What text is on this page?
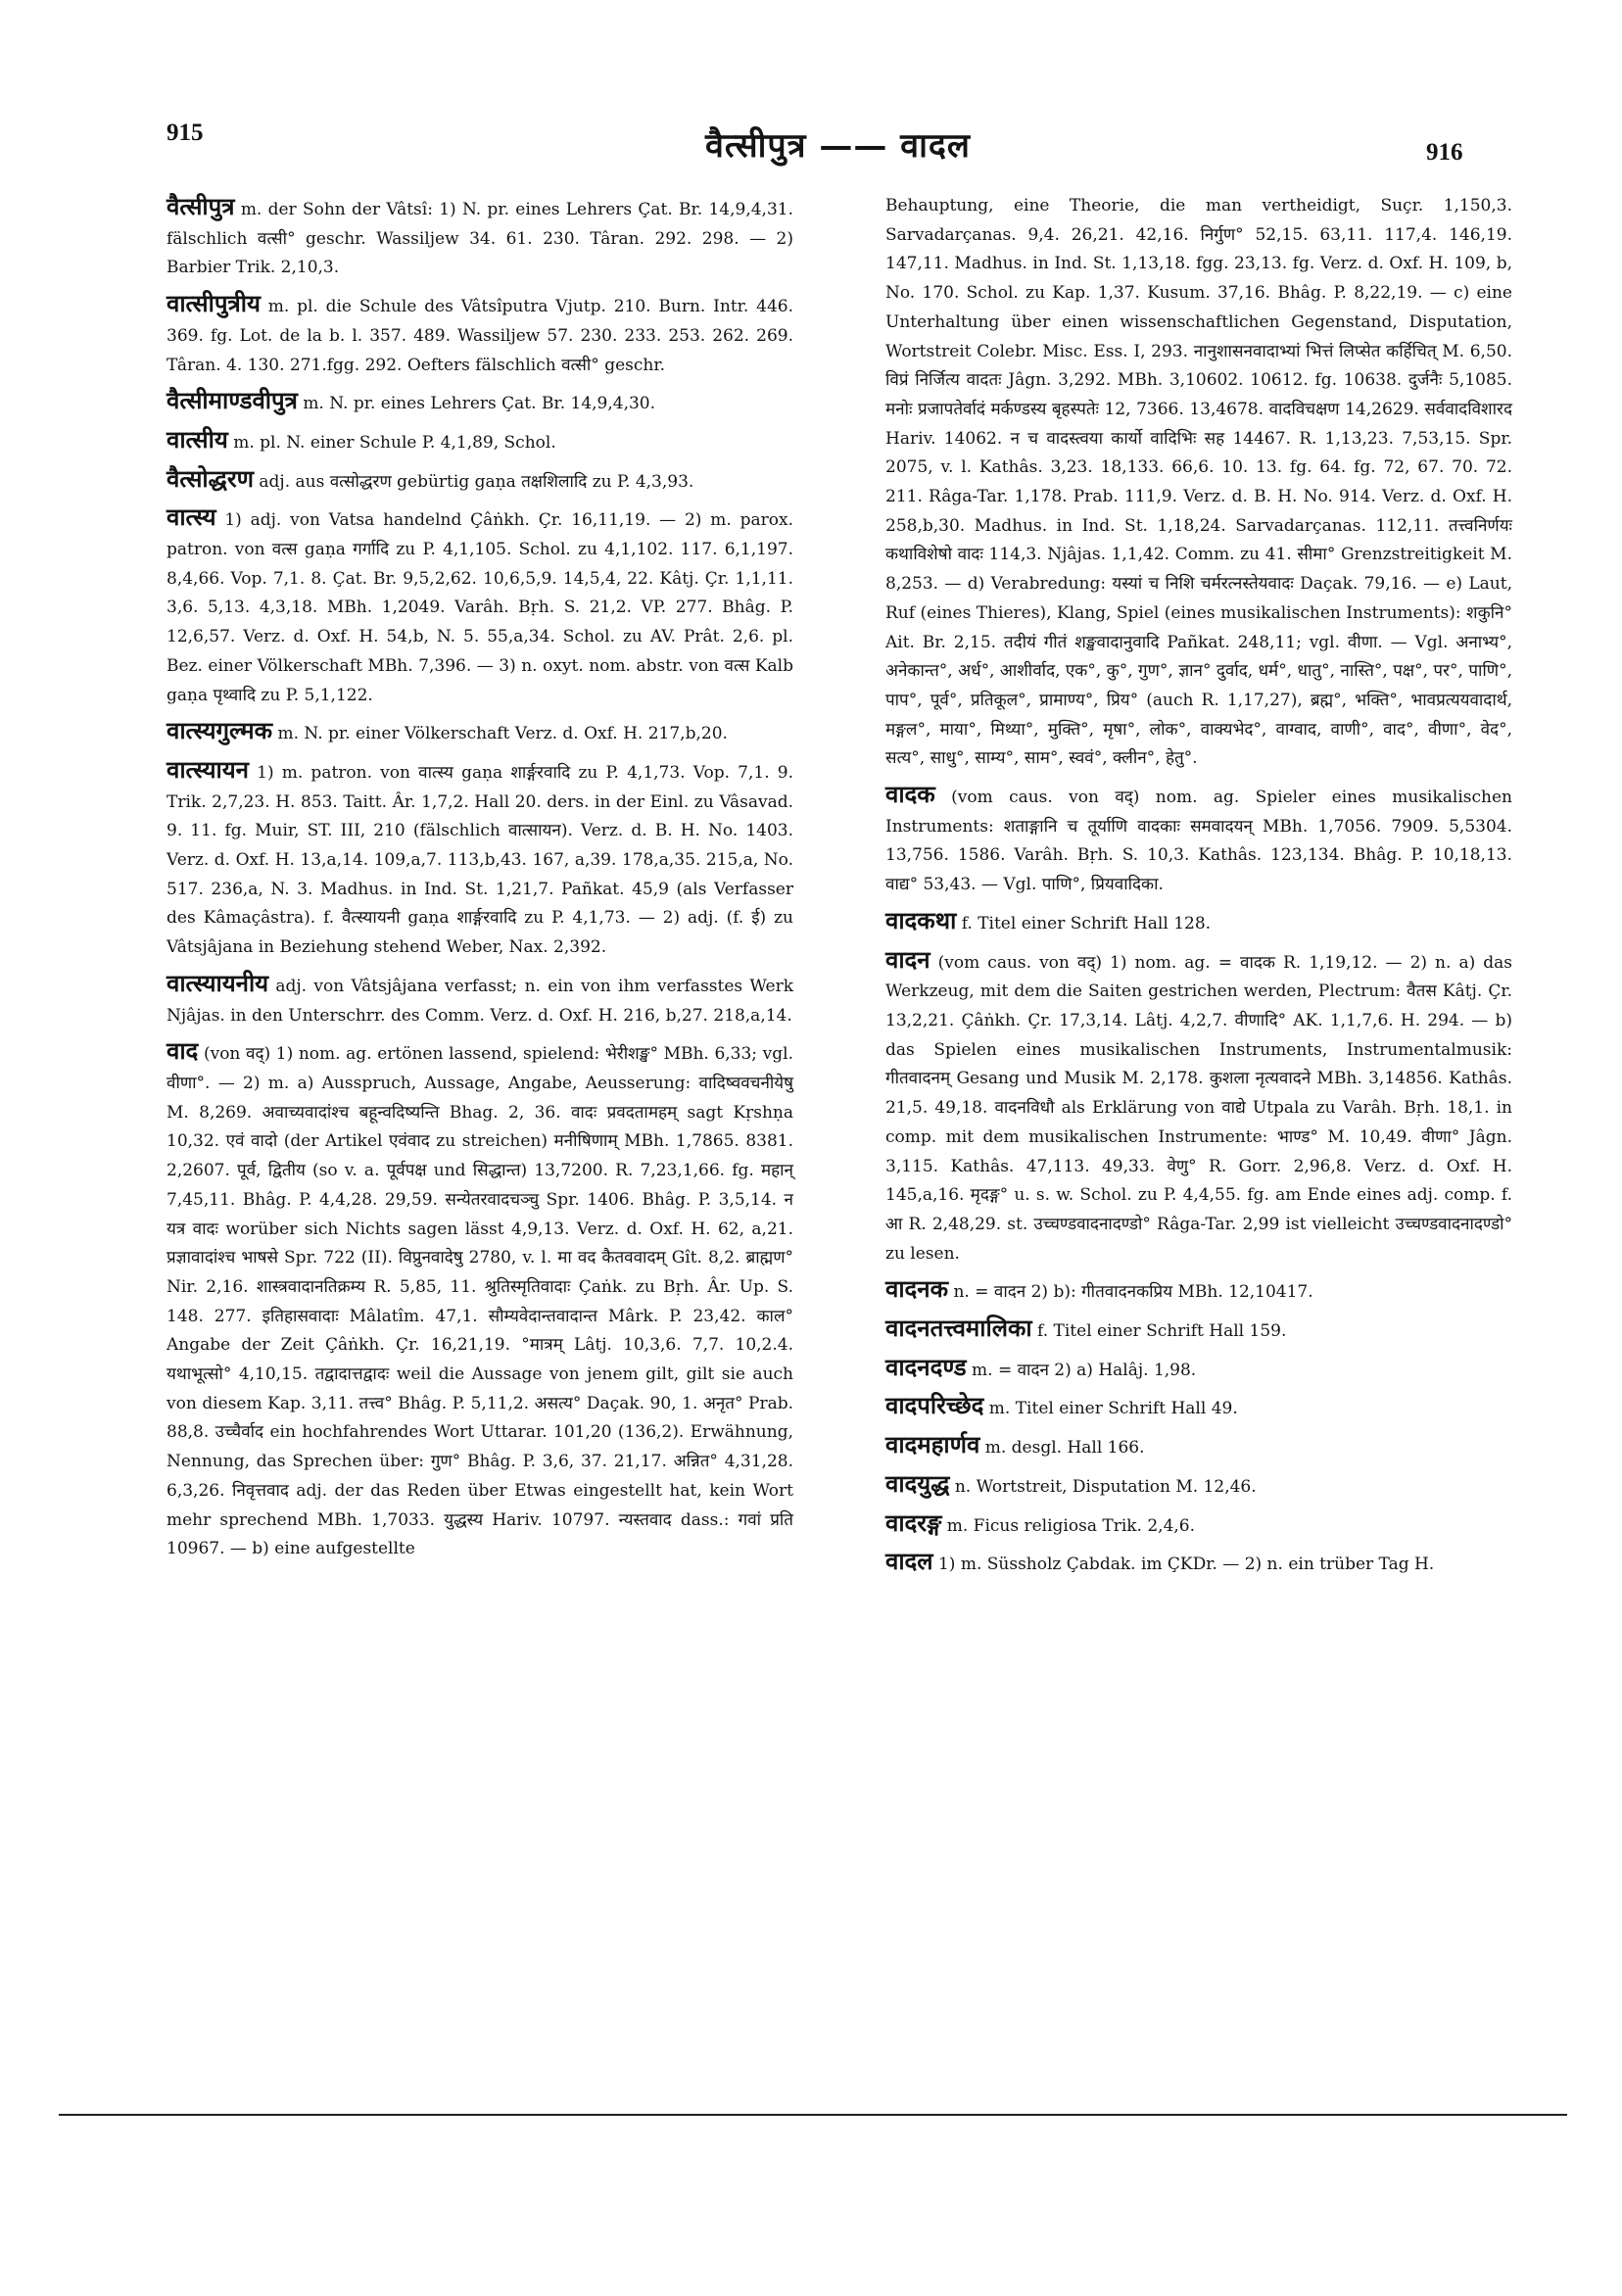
915	वैत्सीपुत्र —— वादल	916

वैत्सीपुत्र m. der Sohn der Vâtsî: 1) N. pr. eines Lehrers Çat. Br. 14,9,4,31. fälschlich वत्सी° geschr. Wassiljew 34. 61. 230. Târan. 292. 298. — 2) Barbier Trik. 2,10,3.

वात्सीपुत्रीय m. pl. die Schule des Vâtsîputra Vjutp. 210. Burn. Intr. 446. 369. fg. Lot. de la b. l. 357. 489. Wassiljew 57. 230. 233. 253. 262. 269. Târan. 4. 130. 271.fgg. 292. Oefters fälschlich वत्सी° geschr.

वैत्सीमाण्डवीपुत्र m. N. pr. eines Lehrers Çat. Br. 14,9,4,30.

वात्सीय m. pl. N. einer Schule P. 4,1,89, Schol.

वैत्सोद्धरण adj. aus वत्सोद्धरण gebürtig gaṇa तक्षशिलादि zu P. 4,3,93.

वात्स्य 1) adj. von Vatsa handelnd Çâṅkh. Çr. 16,11,19. — 2) m. parox. patron. von वत्स gaṇa गर्गादि zu P. 4,1,105. Schol. zu 4,1,102. 117. 6,1,197. 8,4,66. Vop. 7,1. 8. Çat. Br. 9,5,2,62. 10,6,5,9. 14,5,4, 22. Kâtj. Çr. 1,1,11. 3,6. 5,13. 4,3,18. MBh. 1,2049. Varâh. Bṛh. S. 21,2. VP. 277. Bhâg. P. 12,6,57. Verz. d. Oxf. H. 54,b, N. 5. 55,a,34. Schol. zu AV. Prât. 2,6. pl. Bez. einer Völkerschaft MBh. 7,396. — 3) n. oxyt. nom. abstr. von वत्स Kalb gaṇa पृथ्वादि zu P. 5,1,122.

वात्स्यगुल्मक m. N. pr. einer Völkerschaft Verz. d. Oxf. H. 217,b,20.

वात्स्यायन 1) m. patron. von वात्स्य gaṇa शार्ङ्गरवादि zu P. 4,1,73. Vop. 7,1. 9. Trik. 2,7,23. H. 853. Taitt. Âr. 1,7,2. Hall 20. ders. in der Einl. zu Vâsavad. 9. 11. fg. Muir, ST. III, 210 (fälschlich वात्सायन). Verz. d. B. H. No. 1403. Verz. d. Oxf. H. 13,a,14. 109,a,7. 113,b,43. 167, a,39. 178,a,35. 215,a, No. 517. 236,a, N. 3. Madhus. in Ind. St. 1,21,7. Pañkat. 45,9 (als Verfasser des Kâmaçâstra). f. वैत्स्यायनी gaṇa शार्ङ्गरवादि zu P. 4,1,73. — 2) adj. (f. ई) zu Vâtsjâjana in Beziehung stehend Weber, Nax. 2,392.

वात्स्यायनीय adj. von Vâtsjâjana verfasst; n. ein von ihm verfasstes Werk Njâjas. in den Unterschrr. des Comm. Verz. d. Oxf. H. 216, b,27. 218,a,14.

वाद (von वद्) 1) nom. ag. ertönen lassend, spielend: भेरीशङ्ख° MBh. 6,33; vgl. वीणा°. — 2) m. a) Ausspruch, Aussage, Angabe, Aeusserung: वादिष्ववचनीयेषु M. 8,269. अवाच्यवादांश्च बहून्वदिष्यन्ति Bhag. 2, 36. वादः प्रवदतामहम् sagt Kṛshṇa 10,32. एवं वादो (der Artikel एवंवाद zu streichen) मनीषिणाम् MBh. 1,7865. 8381. 2,2607. पूर्व, द्वितीय (so v. a. पूर्वपक्ष und सिद्धान्त) 13,7200. R. 7,23,1,66. fg. महान् 7,45,11. Bhâg. P. 4,4,28. 29,59. सन्येतरवादचञ्चु Spr. 1406. Bhâg. P. 3,5,14. न यत्र वादः worüber sich Nichts sagen lässt 4,9,13. Verz. d. Oxf. H. 62, a,21. प्रज्ञावादांश्च भाषसे Spr. 722 (II). विप्रुनवादेषु 2780, v. l. मा वद कैतववादम् Gît. 8,2. ब्राह्मण° Nir. 2,16. शास्त्रवादानतिक्रम्य R. 5,85, 11. श्रुतिस्मृतिवादाः Çaṅk. zu Bṛh. Âr. Up. S. 148. 277. इतिहासवादाः Mâlatîm. 47,1. सौम्यवेदान्तवादान्त Mârk. P. 23,42. काल° Angabe der Zeit Çâṅkh. Çr. 16,21,19. °मात्रम् Lâtj. 10,3,6. 7,7. 10,2.4. यथाभूत्सो° 4,10,15. तद्वादात्तद्वादः weil die Aussage von jenem gilt, gilt sie auch von diesem Kap. 3,11. तत्त्व° Bhâg. P. 5,11,2. असत्य° Daçak. 90, 1. अनृत° Prab. 88,8. उच्चैर्वाद ein hochfahrendes Wort Uttarar. 101,20 (136,2). Erwähnung, Nennung, das Sprechen über: गुण° Bhâg. P. 3,6, 37. 21,17. अन्नित° 4,31,28. 6,3,26. निवृत्तवाद adj. der das Reden über Etwas eingestellt hat, kein Wort mehr sprechend MBh. 1,7033. युद्धस्य Hariv. 10797. न्यस्तवाद dass.: गवां प्रति 10967. — b) eine aufgestellte

Behauptung, eine Theorie, die man vertheidigt, Suçr. 1,150,3. Sarvadarçanas. 9,4. 26,21. 42,16. निर्गुण° 52,15. 63,11. 117,4. 146,19. 147,11. Madhus. in Ind. St. 1,13,18. fgg. 23,13. fg. Verz. d. Oxf. H. 109, b, No. 170. Schol. zu Kap. 1,37. Kusum. 37,16. Bhâg. P. 8,22,19. — c) eine Unterhaltung über einen wissenschaftlichen Gegenstand, Disputation, Wortstreit Colebr. Misc. Ess. I, 293. नानुशासनवादाभ्यां भित्तं लिप्सेत कर्हिचित् M. 6,50. विप्रं निर्जित्य वादतः Jâgn. 3,292. MBh. 3,10602. 10612. fg. 10638. दुर्जनैः 5,1085. मनोः प्रजापतेर्वादं मर्कण्डस्य बृहस्पतेः 12, 7366. 13,4678. वादविचक्षण 14,2629. सर्ववादविशारद Hariv. 14062. न च वादस्त्वया कार्यो वादिभिः सह 14467. R. 1,13,23. 7,53,15. Spr. 2075, v. l. Kathâs. 3,23. 18,133. 66,6. 10. 13. fg. 64. fg. 72, 67. 70. 72. 211. Râga-Tar. 1,178. Prab. 111,9. Verz. d. B. H. No. 914. Verz. d. Oxf. H. 258,b,30. Madhus. in Ind. St. 1,18,24. Sarvadarçanas. 112,11. तत्त्वनिर्णयः कथाविशेषो वादः 114,3. Njâjas. 1,1,42. Comm. zu 41. सीमा° Grenzstreitigkeit M. 8,253. — d) Verabredung: यस्यां च निशि चर्मरत्नस्तेयवादः Daçak. 79,16. — e) Laut, Ruf (eines Thieres), Klang, Spiel (eines musikalischen Instruments): शकुनि° Ait. Br. 2,15. तदीयं गीतं शङ्खवादानुवादि Pañkat. 248,11; vgl. वीणा. — Vgl. अनाभ्य°, अनेकान्त°, अर्ध°, आशीर्वाद, एक°, कु°, गुण°, ज्ञान° दुर्वाद, धर्म°, धातु°, नास्ति°, पक्ष°, पर°, पाणि°, पाप°, पूर्व°, प्रतिकूल°, प्रामाण्य°, प्रिय° (auch R. 1,17,27), ब्रह्म°, भक्ति°, भावप्रत्ययवादार्थ, मङ्गल°, माया°, मिथ्या°, मुक्ति°, मृषा°, लोक°, वाक्यभेद°, वाग्वाद, वाणी°, वाद°, वीणा°, वेद°, सत्य°, साधु°, साम्य°, साम°, स्ववं°, क्लीन°, हेतु°.

वादक (vom caus. von वद्) nom. ag. Spieler eines musikalischen Instruments: शताङ्गानि च तूर्याणि वादकाः समवादयन् MBh. 1,7056. 7909. 5,5304. 13,756. 1586. Varâh. Bṛh. S. 10,3. Kathâs. 123,134. Bhâg. P. 10,18,13. वाद्य° 53,43. — Vgl. पाणि°, प्रियवादिका.

वादकथा f. Titel einer Schrift Hall 128.

वादन (vom caus. von वद्) 1) nom. ag. = वादक R. 1,19,12. — 2) n. a) das Werkzeug, mit dem die Saiten gestrichen werden, Plectrum: वैतस Kâtj. Çr. 13,2,21. Çâṅkh. Çr. 17,3,14. Lâtj. 4,2,7. वीणादि° AK. 1,1,7,6. H. 294. — b) das Spielen eines musikalischen Instruments, Instrumentalmusik: गीतवादनम् Gesang und Musik M. 2,178. कुशला नृत्यवादने MBh. 3,14856. Kathâs. 21,5. 49,18. वादनविधौ als Erklärung von वाद्ये Utpala zu Varâh. Bṛh. 18,1. in comp. mit dem musikalischen Instrumente: भाण्ड° M. 10,49. वीणा° Jâgn. 3,115. Kathâs. 47,113. 49,33. वेणु° R. Gorr. 2,96,8. Verz. d. Oxf. H. 145,a,16. मृदङ्ग° u. s. w. Schol. zu P. 4,4,55. fg. am Ende eines adj. comp. f. आ R. 2,48,29. st. उच्चण्डवादनादण्डो° Râga-Tar. 2,99 ist vielleicht उच्चण्डवादनादण्डो° zu lesen.

वादनक n. = वादन 2) b): गीतवादनकप्रिय MBh. 12,10417.

वादनतत्त्वमालिका f. Titel einer Schrift Hall 159.

वादनदण्ड m. = वादन 2) a) Halâj. 1,98.

वादपरिच्छेद m. Titel einer Schrift Hall 49.

वादमहार्णव m. desgl. Hall 166.

वादयुद्ध n. Wortstreit, Disputation M. 12,46.

वादरङ्ग m. Ficus religiosa Trik. 2,4,6.

वादल 1) m. Süssholz Çabdak. im ÇKDr. — 2) n. ein trüber Tag H.
